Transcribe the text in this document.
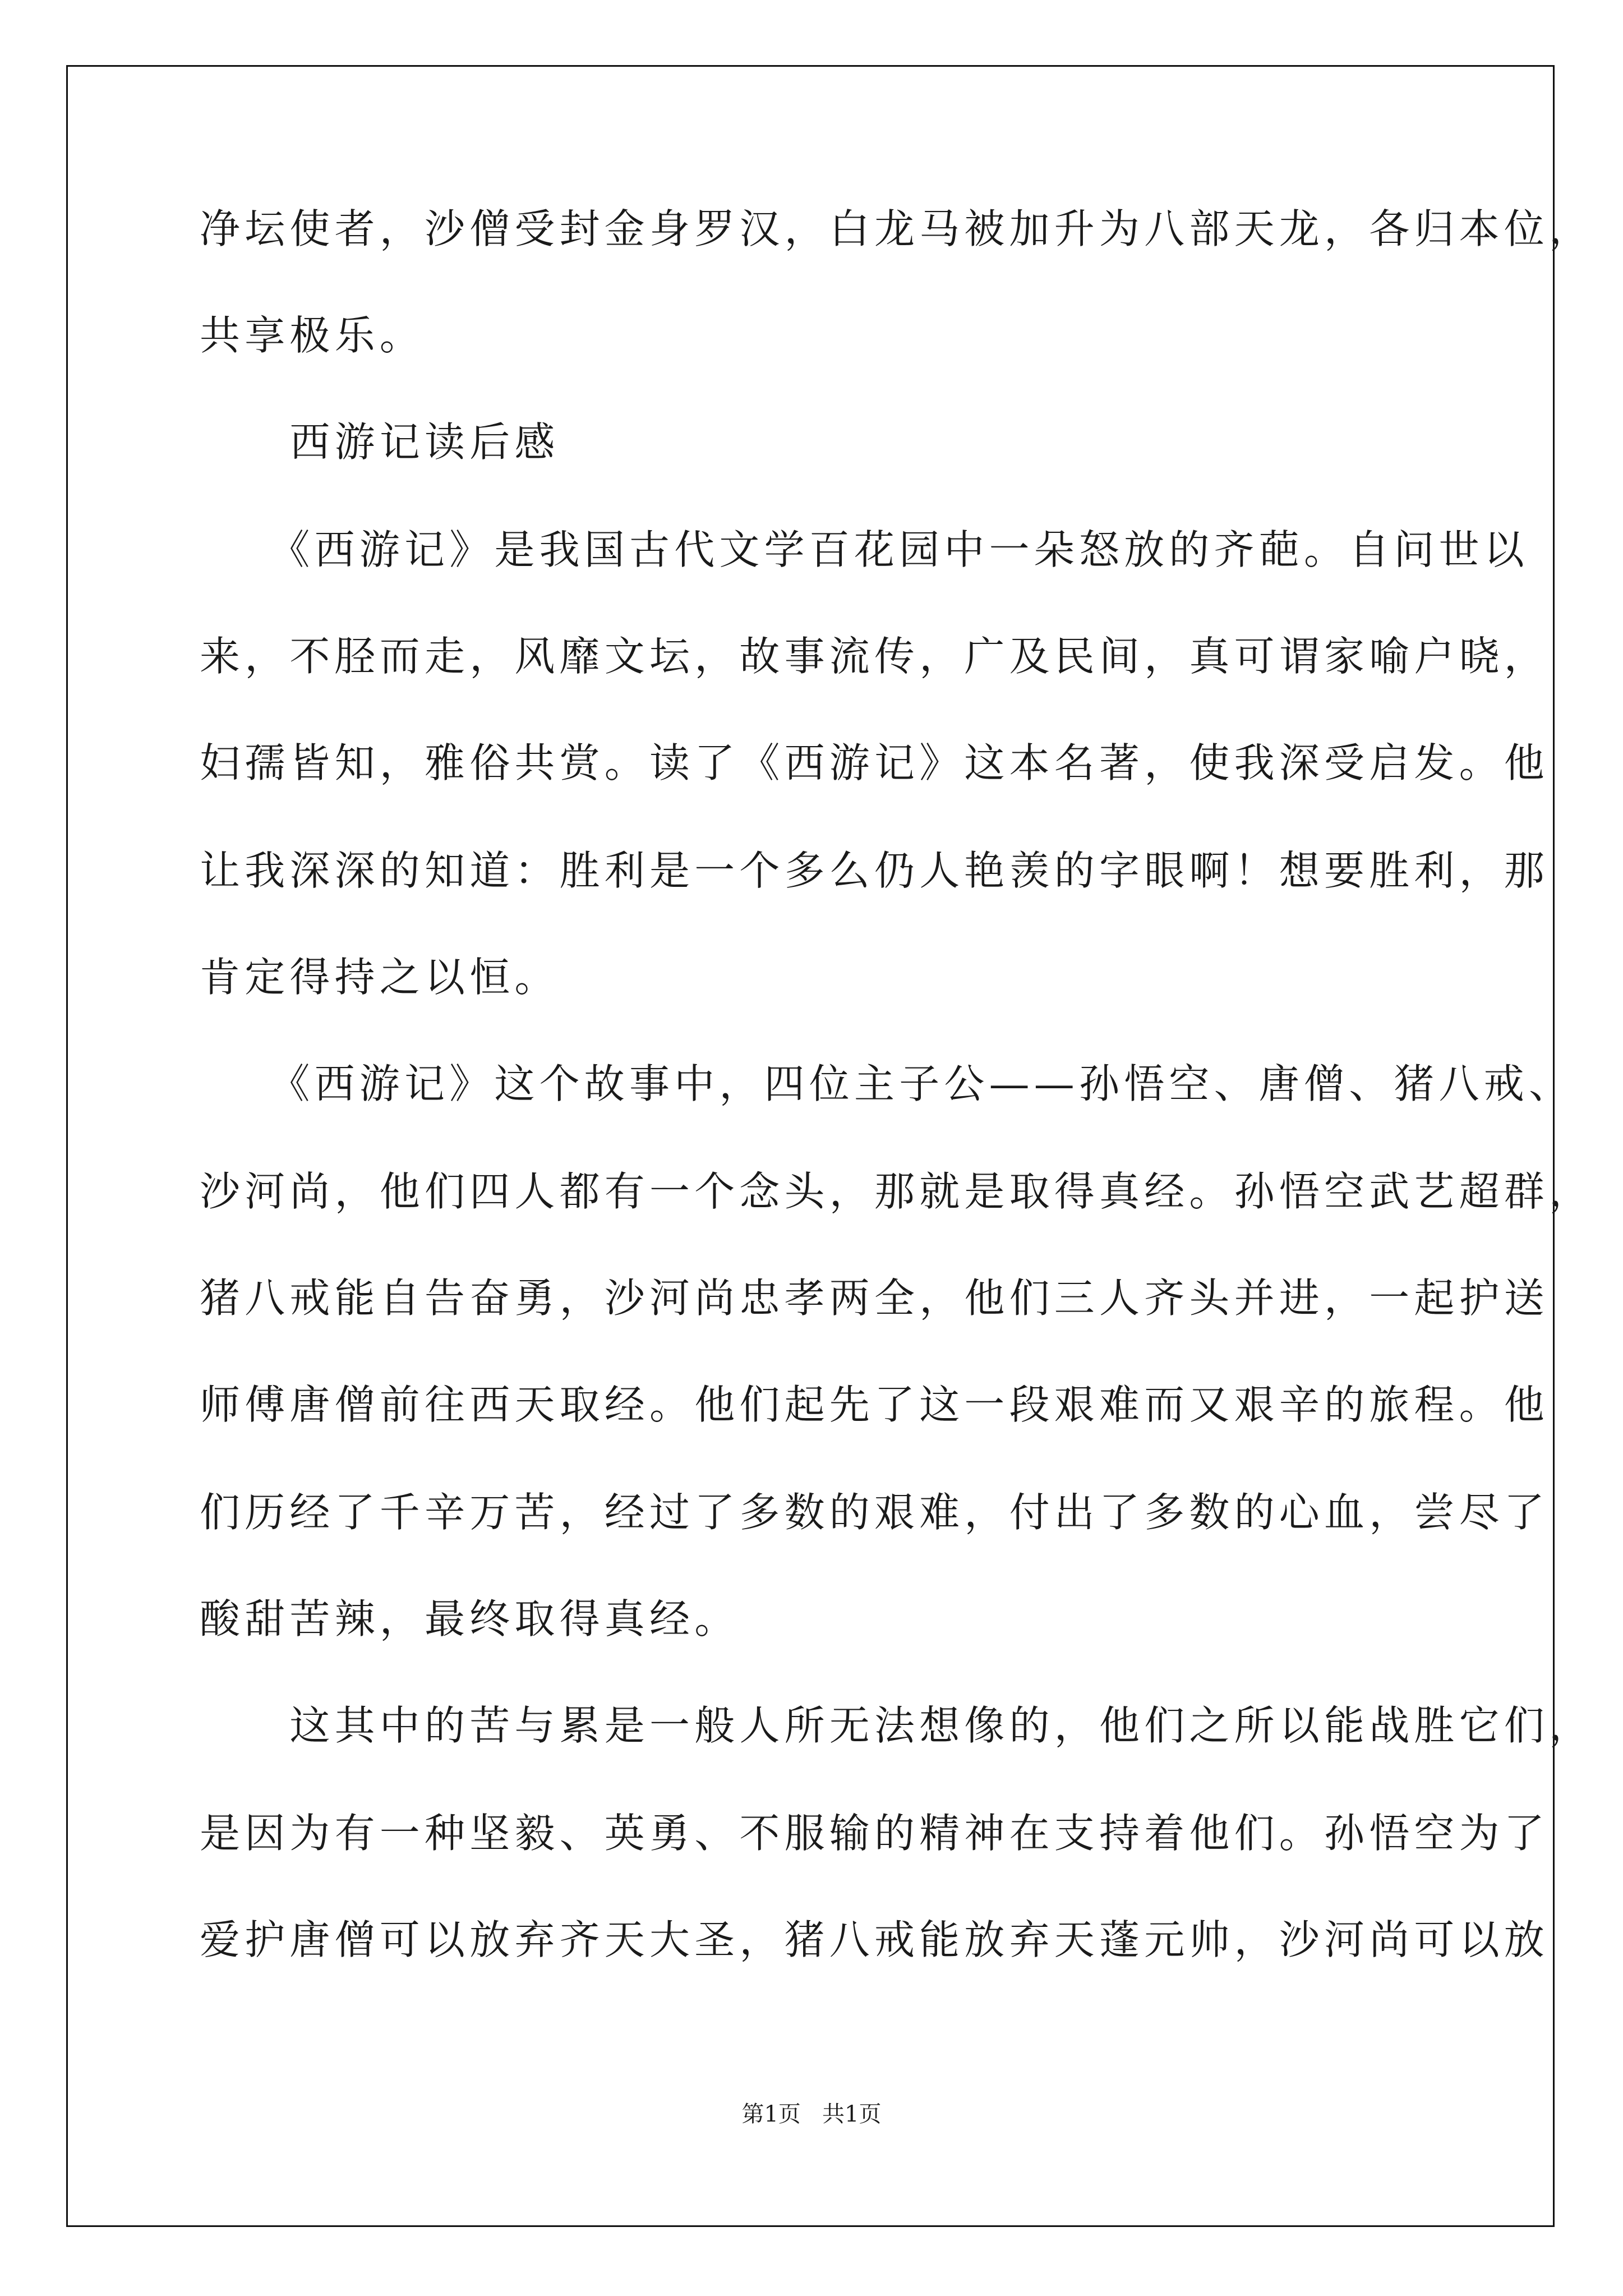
净坛使者，沙僧受封金身罗汉，白龙马被加升为八部天龙，各归本位，
共享极乐。
　　西游记读后感
　　《西游记》是我国古代文学百花园中一朵怒放的齐葩。自问世以
来，不胫而走，风靡文坛，故事流传，广及民间，真可谓家喻户晓，
妇孺皆知，雅俗共赏。读了《西游记》这本名著，使我深受启发。他
让我深深的知道：胜利是一个多么仍人艳羡的字眼啊！想要胜利，那
肯定得持之以恒。
　　《西游记》这个故事中，四位主子公——孙悟空、唐僧、猪八戒、
沙河尚，他们四人都有一个念头，那就是取得真经。孙悟空武艺超群，
猪八戒能自告奋勇，沙河尚忠孝两全，他们三人齐头并进，一起护送
师傅唐僧前往西天取经。他们起先了这一段艰难而又艰辛的旅程。他
们历经了千辛万苦，经过了多数的艰难，付出了多数的心血，尝尽了
酸甜苦辣，最终取得真经。
　　这其中的苦与累是一般人所无法想像的，他们之所以能战胜它们，
是因为有一种坚毅、英勇、不服输的精神在支持着他们。孙悟空为了
爱护唐僧可以放弃齐天大圣，猪八戒能放弃天蓬元帅，沙河尚可以放
第1页   共1页
